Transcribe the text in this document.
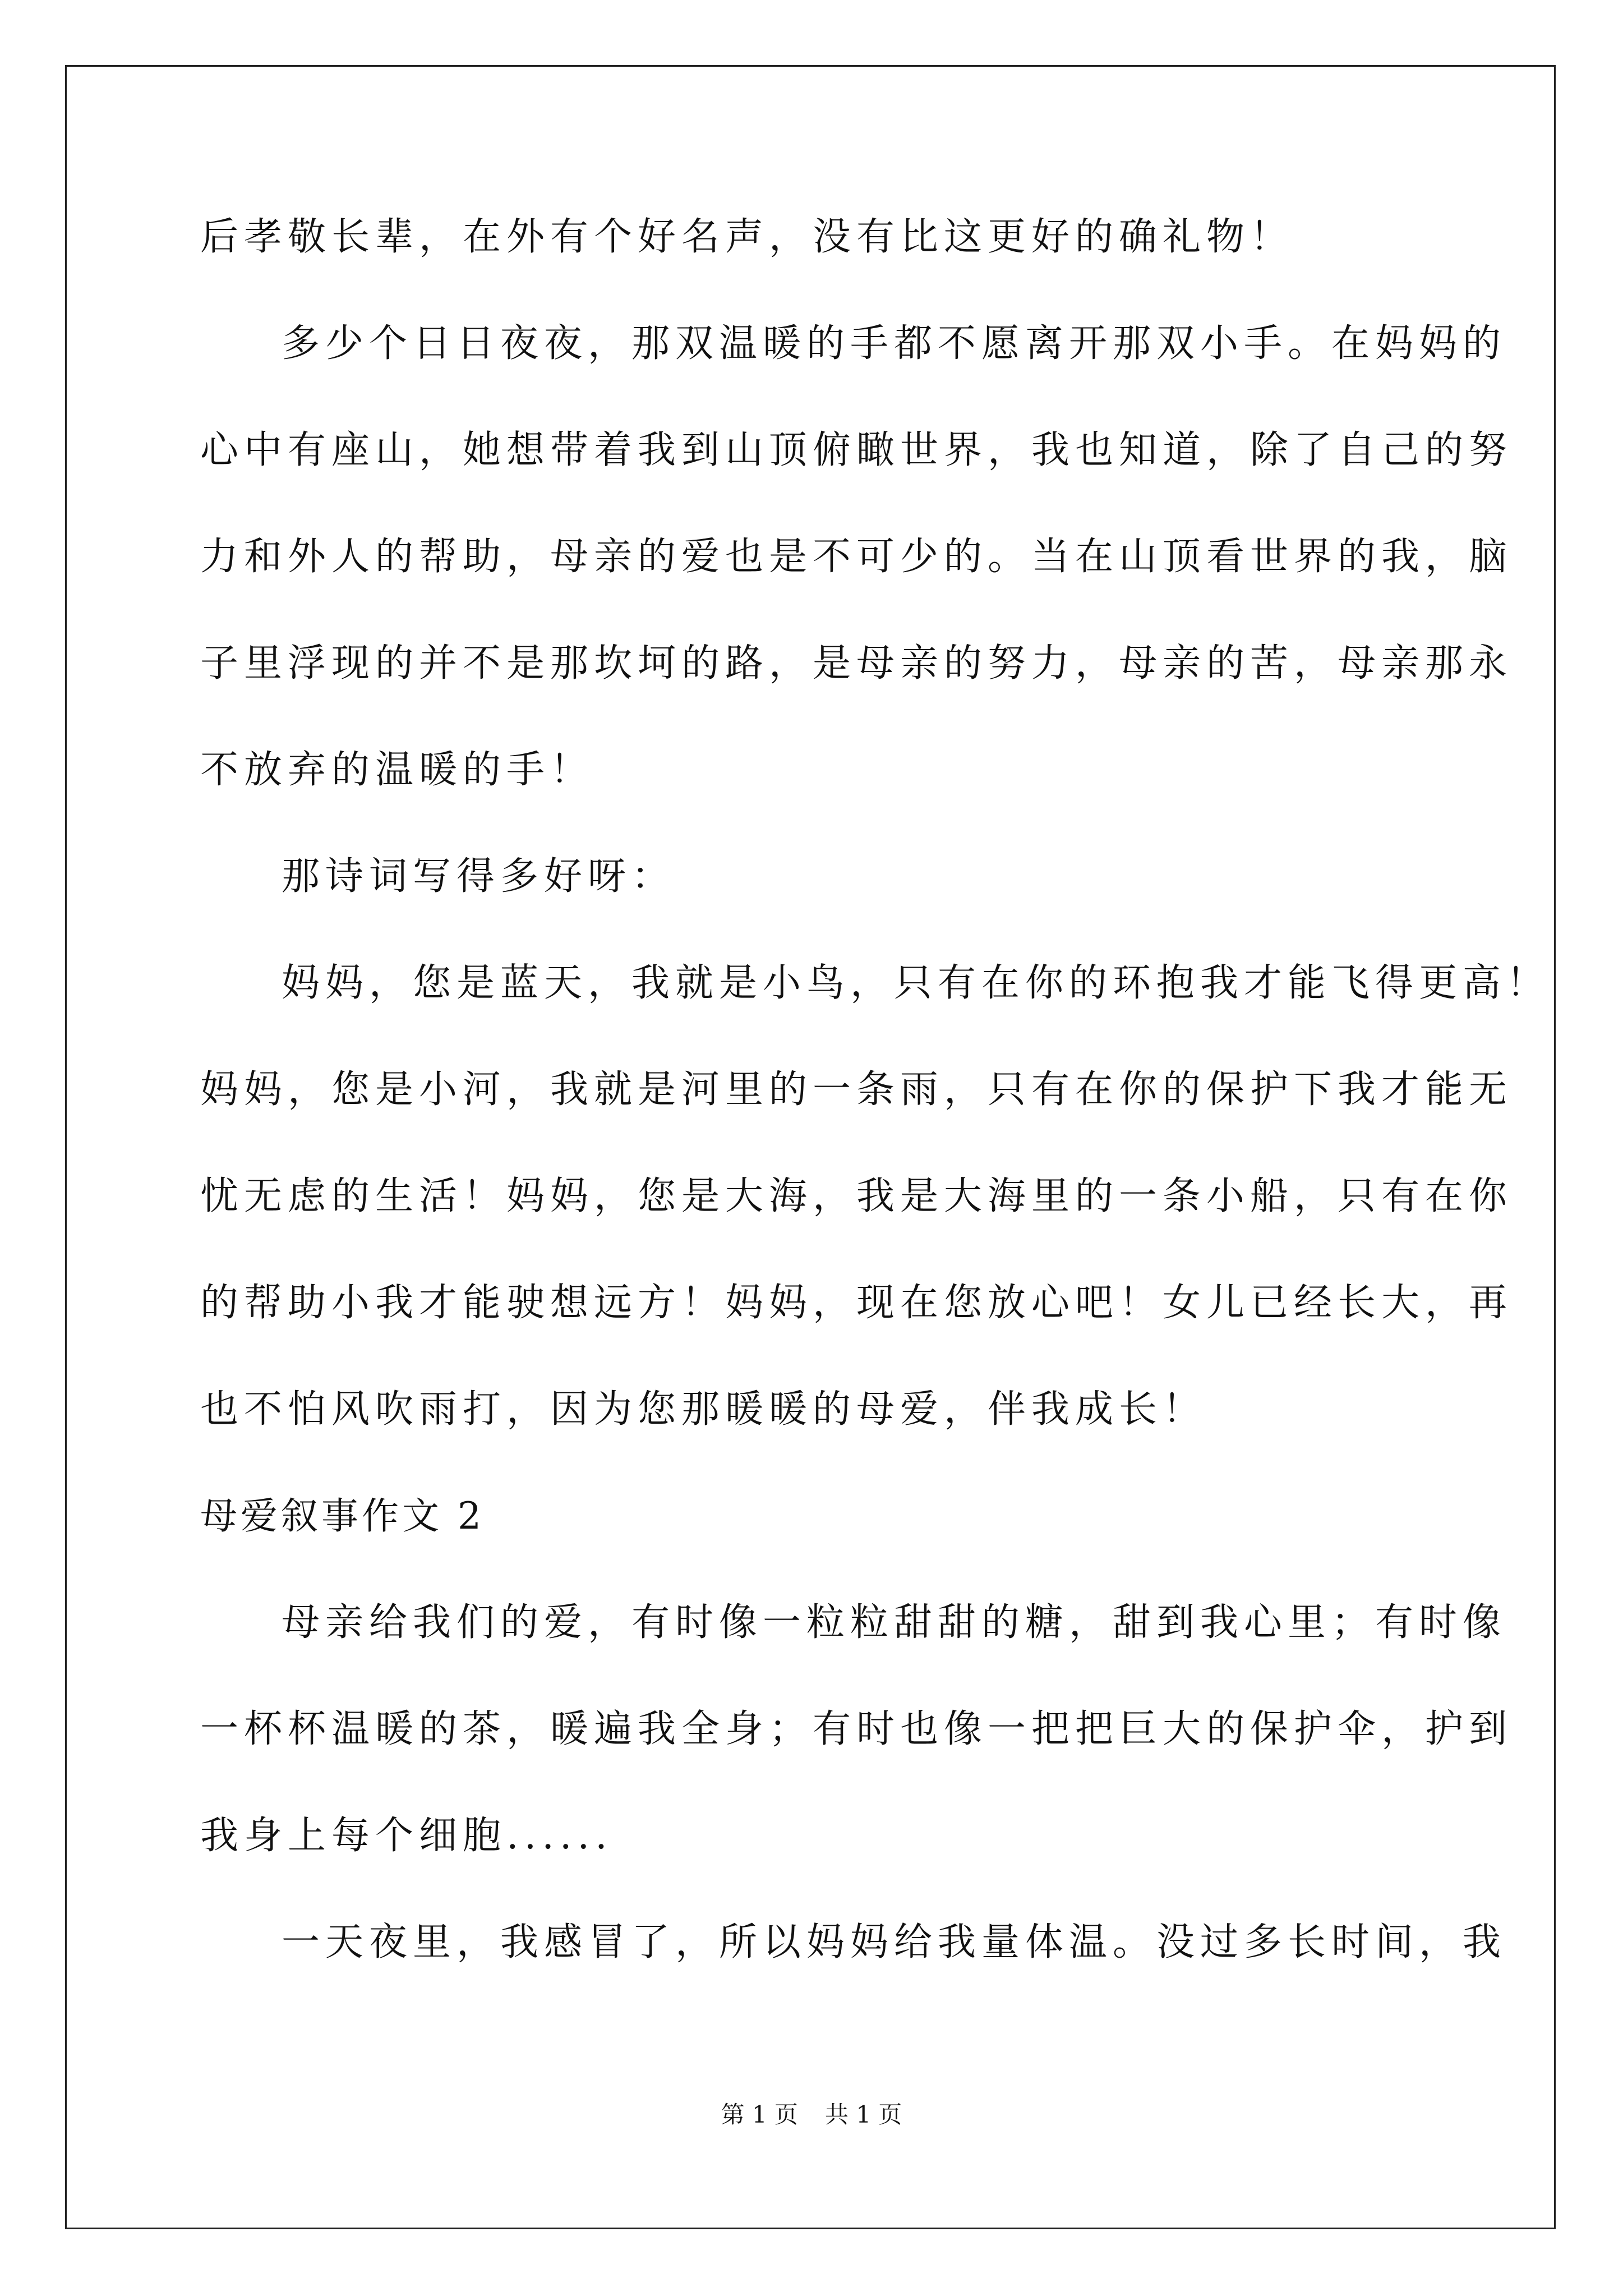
后孝敬长辈，在外有个好名声，没有比这更好的确礼物！
多少个日日夜夜，那双温暖的手都不愿离开那双小手。在妈妈的
心中有座山，她想带着我到山顶俯瞰世界，我也知道，除了自己的努
力和外人的帮助，母亲的爱也是不可少的。当在山顶看世界的我，脑
子里浮现的并不是那坎坷的路，是母亲的努力，母亲的苦，母亲那永
不放弃的温暖的手！
那诗词写得多好呀：
妈妈，您是蓝天，我就是小鸟，只有在你的环抱我才能飞得更高！
妈妈，您是小河，我就是河里的一条雨，只有在你的保护下我才能无
忧无虑的生活！妈妈，您是大海，我是大海里的一条小船，只有在你
的帮助小我才能驶想远方！妈妈，现在您放心吧！女儿已经长大，再
也不怕风吹雨打，因为您那暖暖的母爱，伴我成长！
母爱叙事作文 2
母亲给我们的爱，有时像一粒粒甜甜的糖，甜到我心里；有时像
一杯杯温暖的茶，暖遍我全身；有时也像一把把巨大的保护伞，护到
我身上每个细胞......
一天夜里，我感冒了，所以妈妈给我量体温。没过多长时间，我
第 1 页 共 1 页
